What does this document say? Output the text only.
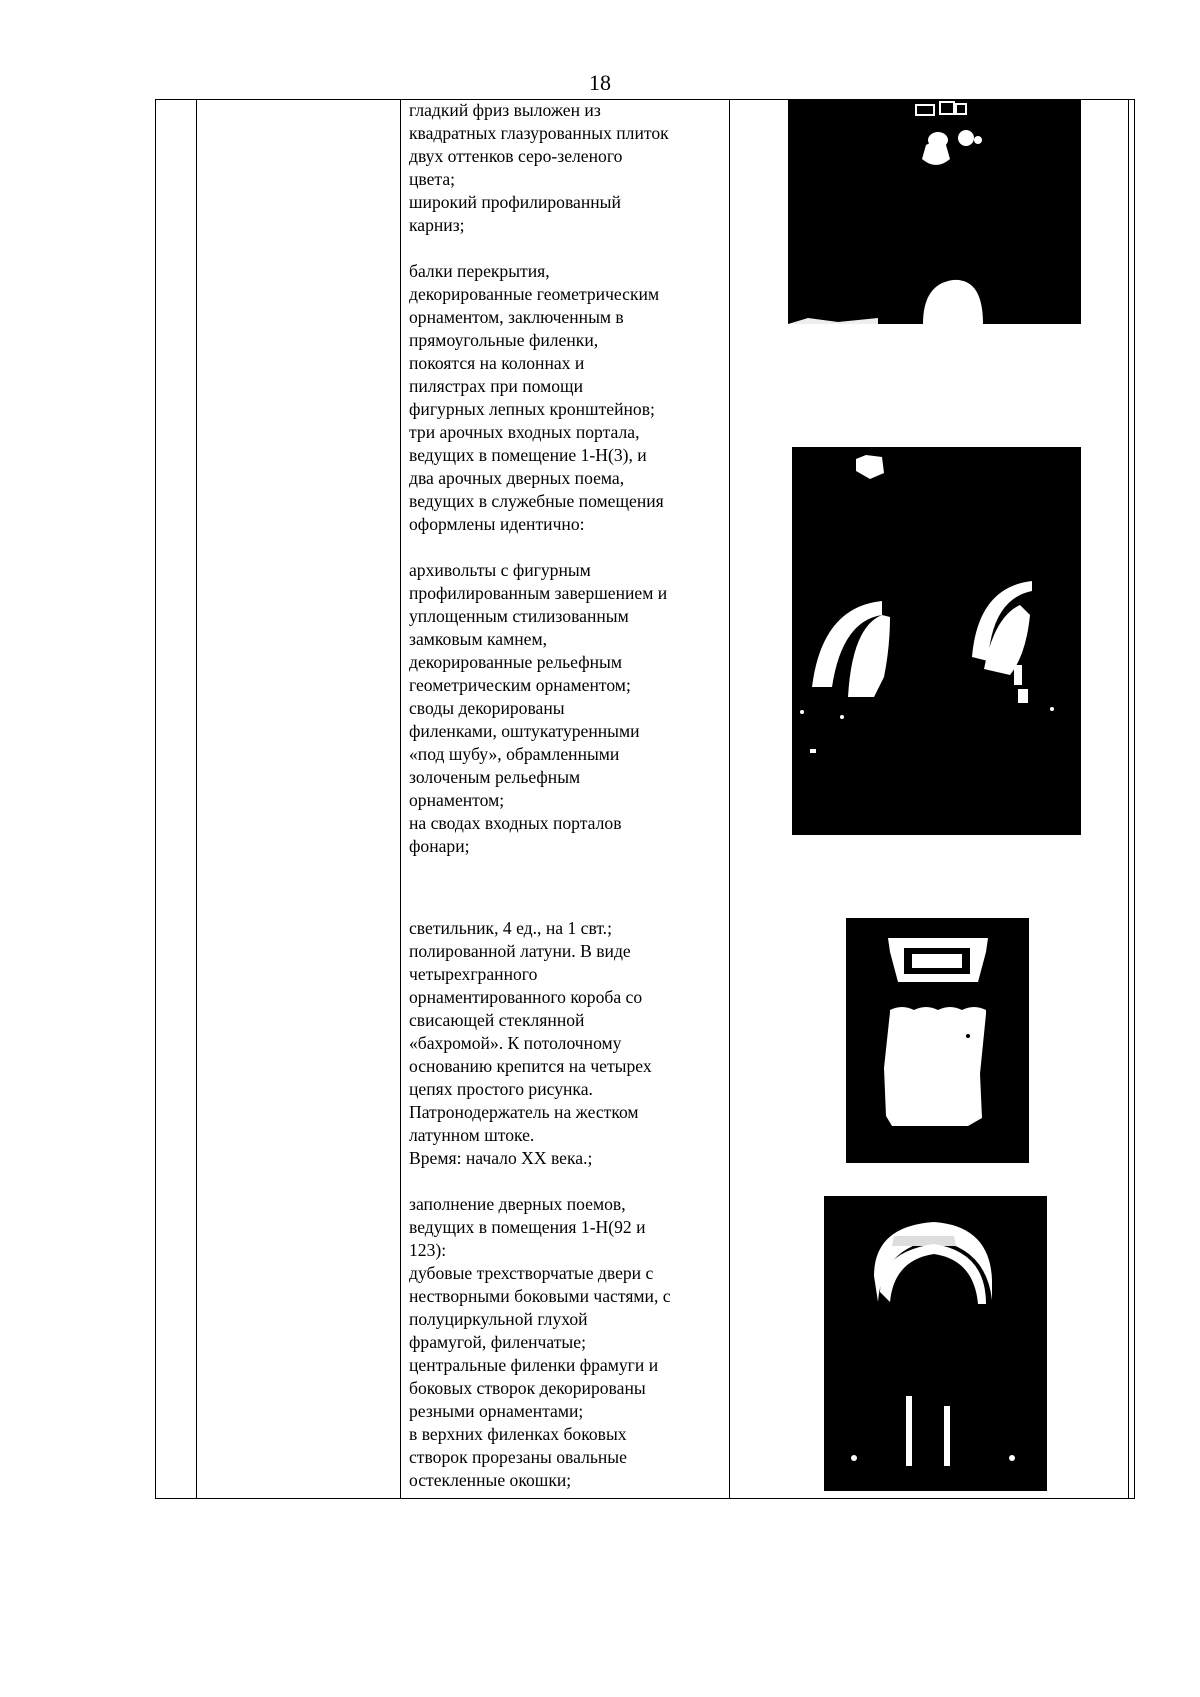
18
гладкий фриз выложен из
квадратных глазурованных плиток
двух оттенков серо-зеленого
цвета;
широкий профилированный
карниз;
балки перекрытия,
декорированные геометрическим
орнаментом, заключенным в
прямоугольные филенки,
покоятся на колоннах и
пилястрах при помощи
фигурных лепных кронштейнов;
три арочных входных портала,
ведущих в помещение 1-Н(3), и
два арочных дверных поема,
ведущих в служебные помещения
оформлены идентично:
архивольты с фигурным
профилированным завершением и
уплощенным стилизованным
замковым камнем,
декорированные рельефным
геометрическим орнаментом;
своды декорированы
филенками, оштукатуренными
«под шубу», обрамленными
золоченым рельефным
орнаментом;
на сводах входных порталов
фонари;
светильник, 4 ед., на 1 свт.;
полированной латуни. В виде
четырехгранного
орнаментированного короба со
свисающей стеклянной
«бахромой». К потолочному
основанию крепится на четырех
цепях простого рисунка.
Патронодержатель на жестком
латунном штоке.
Время: начало XX века.;
заполнение дверных поемов,
ведущих в помещения 1-Н(92 и
123):
дубовые трехстворчатые двери с
нестворными боковыми частями, с
полуциркульной глухой
фрамугой, филенчатые;
центральные филенки фрамуги и
боковых створок декорированы
резными орнаментами;
в верхних филенках боковых
створок прорезаны овальные
остекленные окошки;
